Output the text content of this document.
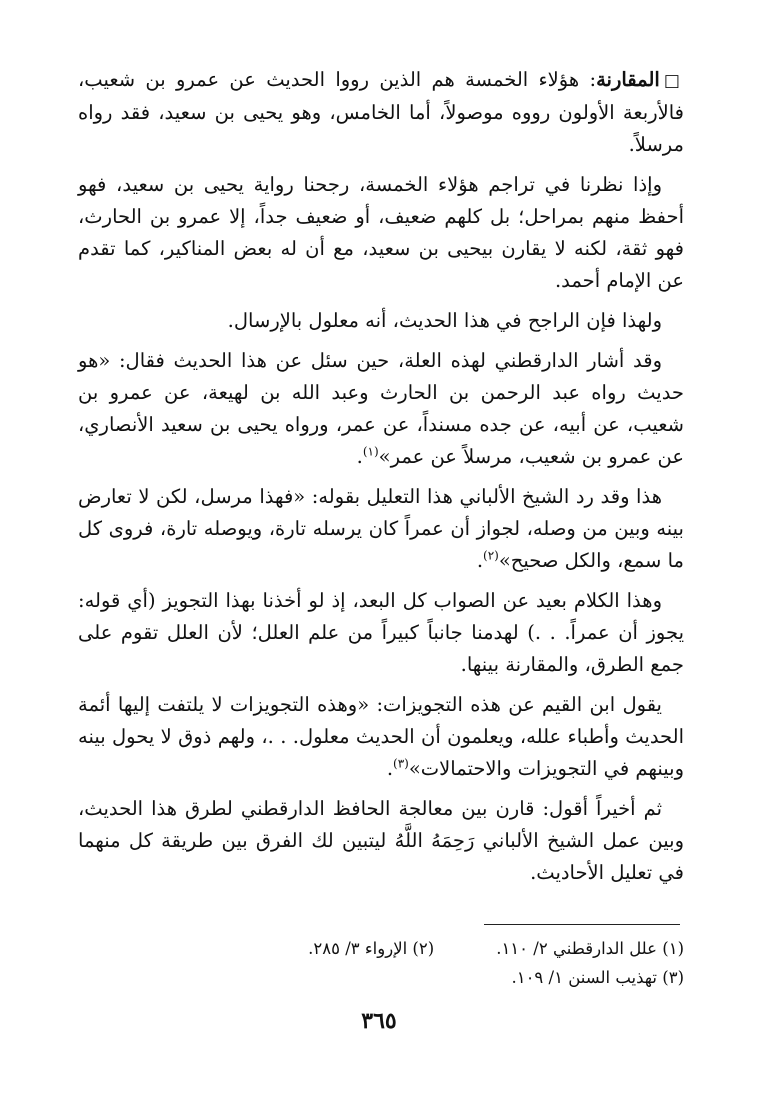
□المقارنة: هؤلاء الخمسة هم الذين رووا الحديث عن عمرو بن شعيب، فالأربعة الأولون رووه موصولاً، أما الخامس، وهو يحيى بن سعيد، فقد رواه مرسلاً.

وإذا نظرنا في تراجم هؤلاء الخمسة، رجحنا رواية يحيى بن سعيد، فهو أحفظ منهم بمراحل؛ بل كلهم ضعيف، أو ضعيف جداً، إلا عمرو بن الحارث، فهو ثقة، لكنه لا يقارن بيحيى بن سعيد، مع أن له بعض المناكير، كما تقدم عن الإمام أحمد.

ولهذا فإن الراجح في هذا الحديث، أنه معلول بالإرسال.

وقد أشار الدارقطني لهذه العلة، حين سئل عن هذا الحديث فقال: «هو حديث رواه عبد الرحمن بن الحارث وعبد الله بن لهيعة، عن عمرو بن شعيب، عن أبيه، عن جده مسنداً، عن عمر، ورواه يحيى بن سعيد الأنصاري، عن عمرو بن شعيب، مرسلاً عن عمر»$^{(١)}$.

هذا وقد رد الشيخ الألباني هذا التعليل بقوله: «فهذا مرسل، لكن لا تعارض بينه وبين من وصله، لجواز أن عمراً كان يرسله تارة، ويوصله تارة، فروى كل ما سمع، والكل صحيح»$^{(٢)}$.

وهذا الكلام بعيد عن الصواب كل البعد، إذ لو أخذنا بهذا التجويز (أي قوله: يجوز أن عمراً. . .) لهدمنا جانباً كبيراً من علم العلل؛ لأن العلل تقوم على جمع الطرق، والمقارنة بينها.

يقول ابن القيم عن هذه التجويزات: «وهذه التجويزات لا يلتفت إليها أئمة الحديث وأطباء علله، ويعلمون أن الحديث معلول. . .، ولهم ذوق لا يحول بينه وبينهم في التجويزات والاحتمالات»$^{(٣)}$.

ثم أخيراً أقول: قارن بين معالجة الحافظ الدارقطني لطرق هذا الحديث، وبين عمل الشيخ الألباني رَحِمَهُ اللَّهُ ليتبين لك الفرق بين طريقة كل منهما في تعليل الأحاديث.

(١) علل الدارقطني ٢/ ١١٠.
(٢) الإرواء ٣/ ٢٨٥.
(٣) تهذيب السنن ١/ ١٠٩.
٣٦٥
